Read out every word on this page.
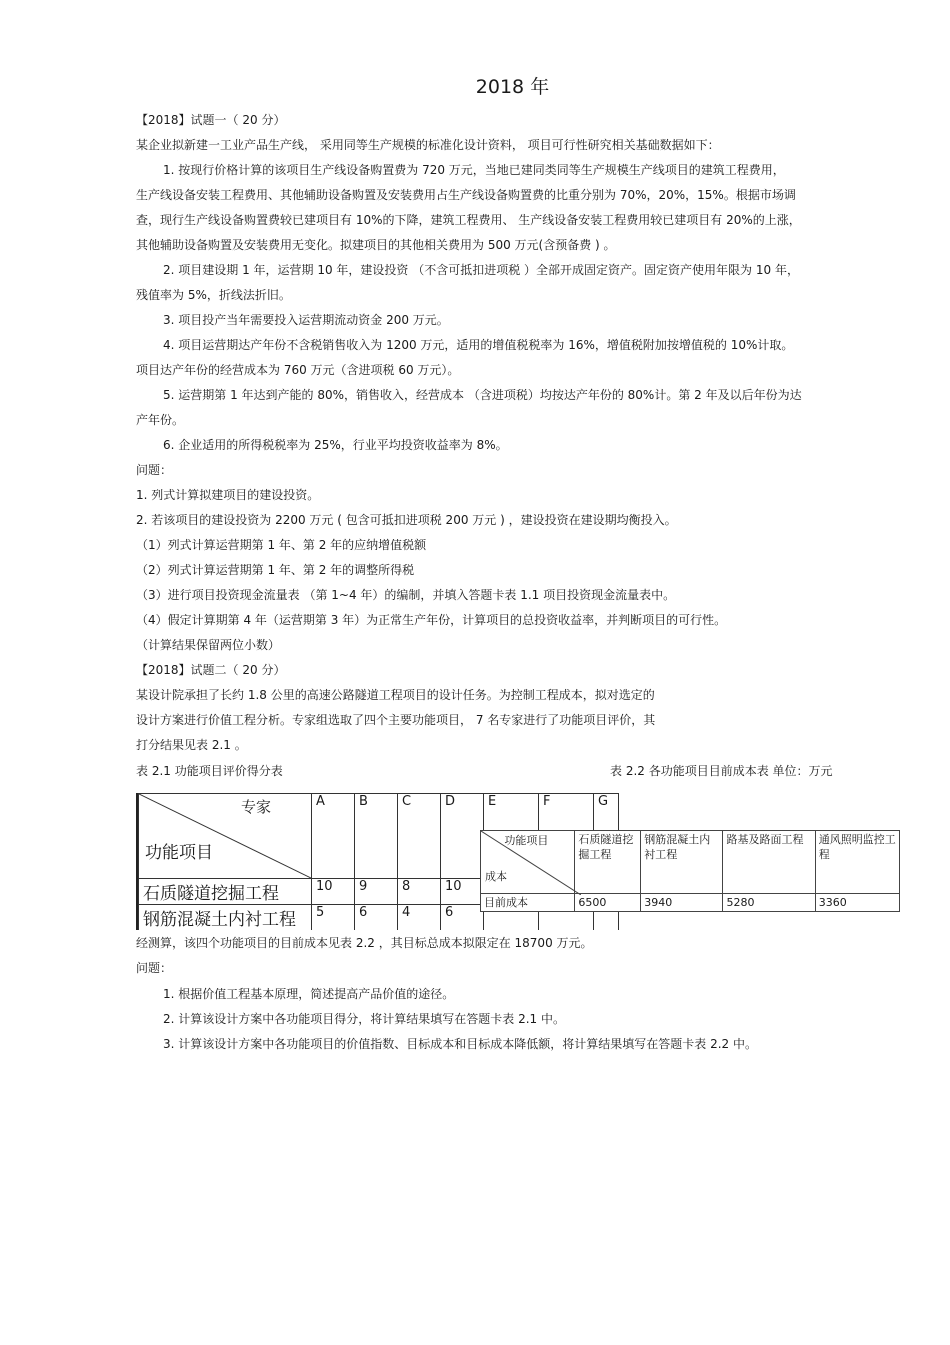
2018 年
【2018】试题一（ 20 分）
某企业拟新建一工业产品生产线， 采用同等生产规模的标准化设计资料， 项目可行性研究相关基础数据如下：
1. 按现行价格计算的该项目生产线设备购置费为 720 万元，当地已建同类同等生产规模生产线项目的建筑工程费用，
生产线设备安装工程费用、其他辅助设备购置及安装费用占生产线设备购置费的比重分别为 70%，20%，15%。根据市场调
查，现行生产线设备购置费较已建项目有 10%的下降，建筑工程费用、 生产线设备安装工程费用较已建项目有 20%的上涨，
其他辅助设备购置及安装费用无变化。拟建项目的其他相关费用为 500 万元(含预备费 ) 。
2. 项目建设期 1 年，运营期 10 年，建设投资 （不含可抵扣进项税 ）全部开成固定资产。固定资产使用年限为 10 年，
残值率为 5%，折线法折旧。
3. 项目投产当年需要投入运营期流动资金 200 万元。
4. 项目运营期达产年份不含税销售收入为 1200 万元，适用的增值税税率为 16%，增值税附加按增值税的 10%计取。
项目达产年份的经营成本为 760 万元（含进项税 60 万元）。
5. 运营期第 1 年达到产能的 80%，销售收入，经营成本 （含进项税）均按达产年份的 80%计。第 2 年及以后年份为达
产年份。
6. 企业适用的所得税税率为 25%，行业平均投资收益率为 8%。
问题：
1. 列式计算拟建项目的建设投资。
2. 若该项目的建设投资为 2200 万元 ( 包含可抵扣进项税 200 万元 ) ，建设投资在建设期均衡投入。
（1）列式计算运营期第 1 年、第 2 年的应纳增值税额
（2）列式计算运营期第 1 年、第 2 年的调整所得税
（3）进行项目投资现金流量表 （第 1~4 年）的编制，并填入答题卡表 1.1 项目投资现金流量表中。
（4）假定计算期第 4 年（运营期第 3 年）为正常生产年份，计算项目的总投资收益率，并判断项目的可行性。
（计算结果保留两位小数）
【2018】试题二（ 20 分）
某设计院承担了长约 1.8 公里的高速公路隧道工程项目的设计任务。为控制工程成本，拟对选定的
设计方案进行价值工程分析。专家组选取了四个主要功能项目， 7 名专家进行了功能项目评价，其
打分结果见表 2.1 。
表 2.1 功能项目评价得分表	表 2.2 各功能项目目前成本表 单位：万元
专家
功能项目	A	B	C	D	E	F	G
石质隧道挖掘工程	10	9	8	10			
钢筋混凝土内衬工程	5	6	4	6			
功能项目
成本	石质隧道挖掘工程	钢筋混凝土内衬工程	路基及路面工程	通风照明监控工程
目前成本	6500	3940	5280	3360
经测算，该四个功能项目的目前成本见表 2.2 ，其目标总成本拟限定在 18700 万元。
问题：
1. 根据价值工程基本原理，简述提高产品价值的途径。
2. 计算该设计方案中各功能项目得分，将计算结果填写在答题卡表 2.1 中。
3. 计算该设计方案中各功能项目的价值指数、目标成本和目标成本降低额，将计算结果填写在答题卡表 2.2 中。
